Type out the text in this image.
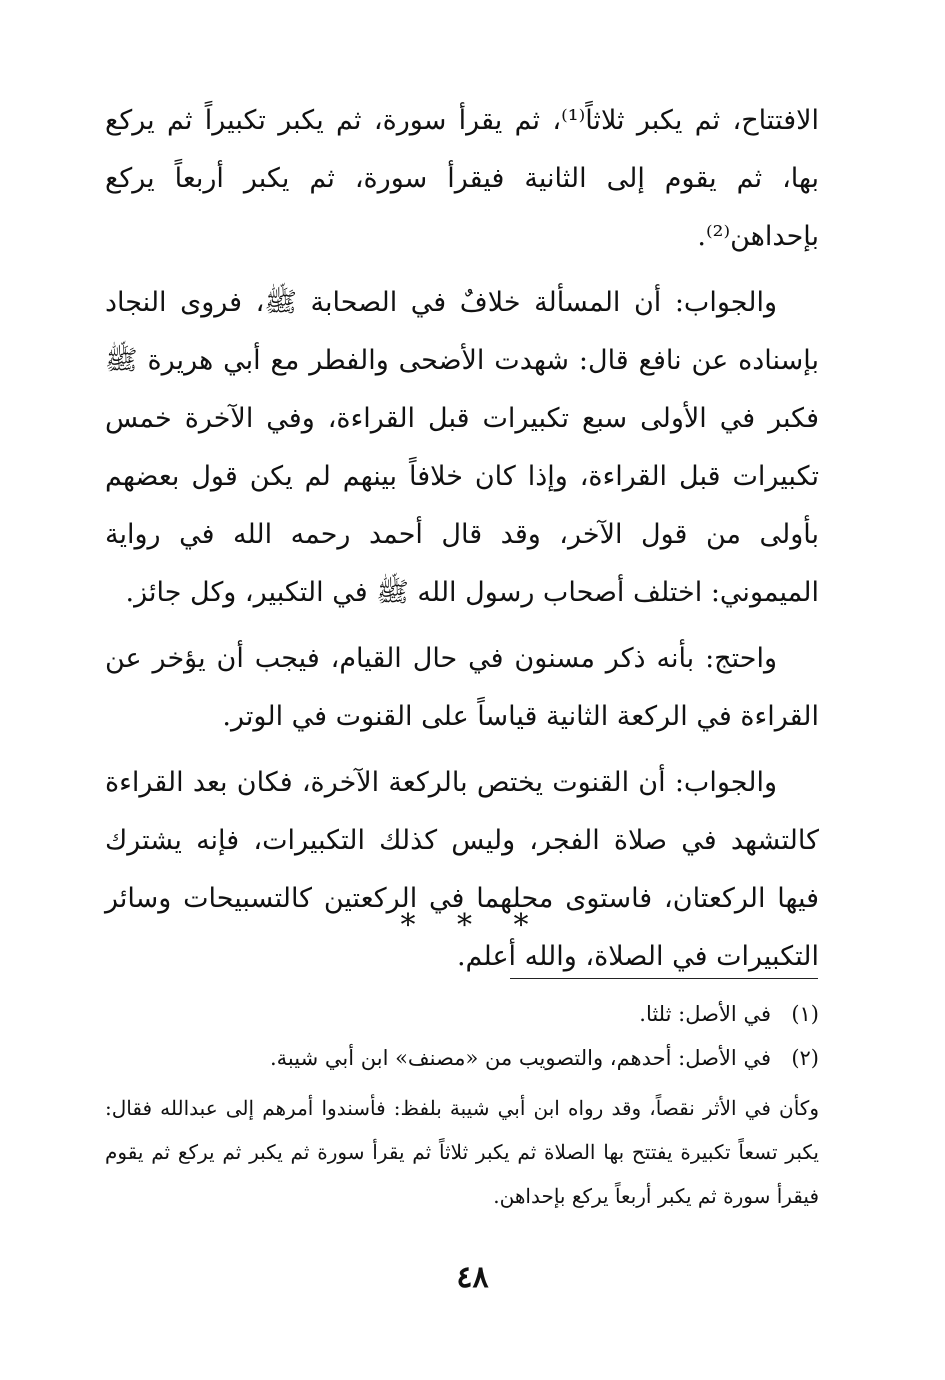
الافتتاح، ثم يكبر ثلاثاً⁽¹⁾، ثم يقرأ سورة، ثم يكبر تكبيراً ثم يركع بها، ثم يقوم إلى الثانية فيقرأ سورة، ثم يكبر أربعاً يركع بإحداهن⁽²⁾.

والجواب: أن المسألة خلافٌ في الصحابة ﷺ، فروى النجاد بإسناده عن نافع قال: شهدت الأضحى والفطر مع أبي هريرة ﷺ فكبر في الأولى سبع تكبيرات قبل القراءة، وفي الآخرة خمس تكبيرات قبل القراءة، وإذا كان خلافاً بينهم لم يكن قول بعضهم بأولى من قول الآخر، وقد قال أحمد رحمه الله في رواية الميموني: اختلف أصحاب رسول الله ﷺ في التكبير، وكل جائز.

واحتج: بأنه ذكر مسنون في حال القيام، فيجب أن يؤخر عن القراءة في الركعة الثانية قياساً على القنوت في الوتر.

والجواب: أن القنوت يختص بالركعة الآخرة، فكان بعد القراءة كالتشهد في صلاة الفجر، وليس كذلك التكبيرات، فإنه يشترك فيها الركعتان، فاستوى محلهما في الركعتين كالتسبيحات وسائر التكبيرات في الصلاة، والله أعلم.

* * *
(١)
في الأصل: ثلثا.
(٢)
في الأصل: أحدهم، والتصويب من «مصنف» ابن أبي شيبة.

وكأن في الأثر نقصاً، وقد رواه ابن أبي شيبة بلفظ: فأسندوا أمرهم إلى عبدالله فقال: يكبر تسعاً تكبيرة يفتتح بها الصلاة ثم يكبر ثلاثاً ثم يقرأ سورة ثم يكبر ثم يركع ثم يقوم فيقرأ سورة ثم يكبر أربعاً يركع بإحداهن.

٤٨
